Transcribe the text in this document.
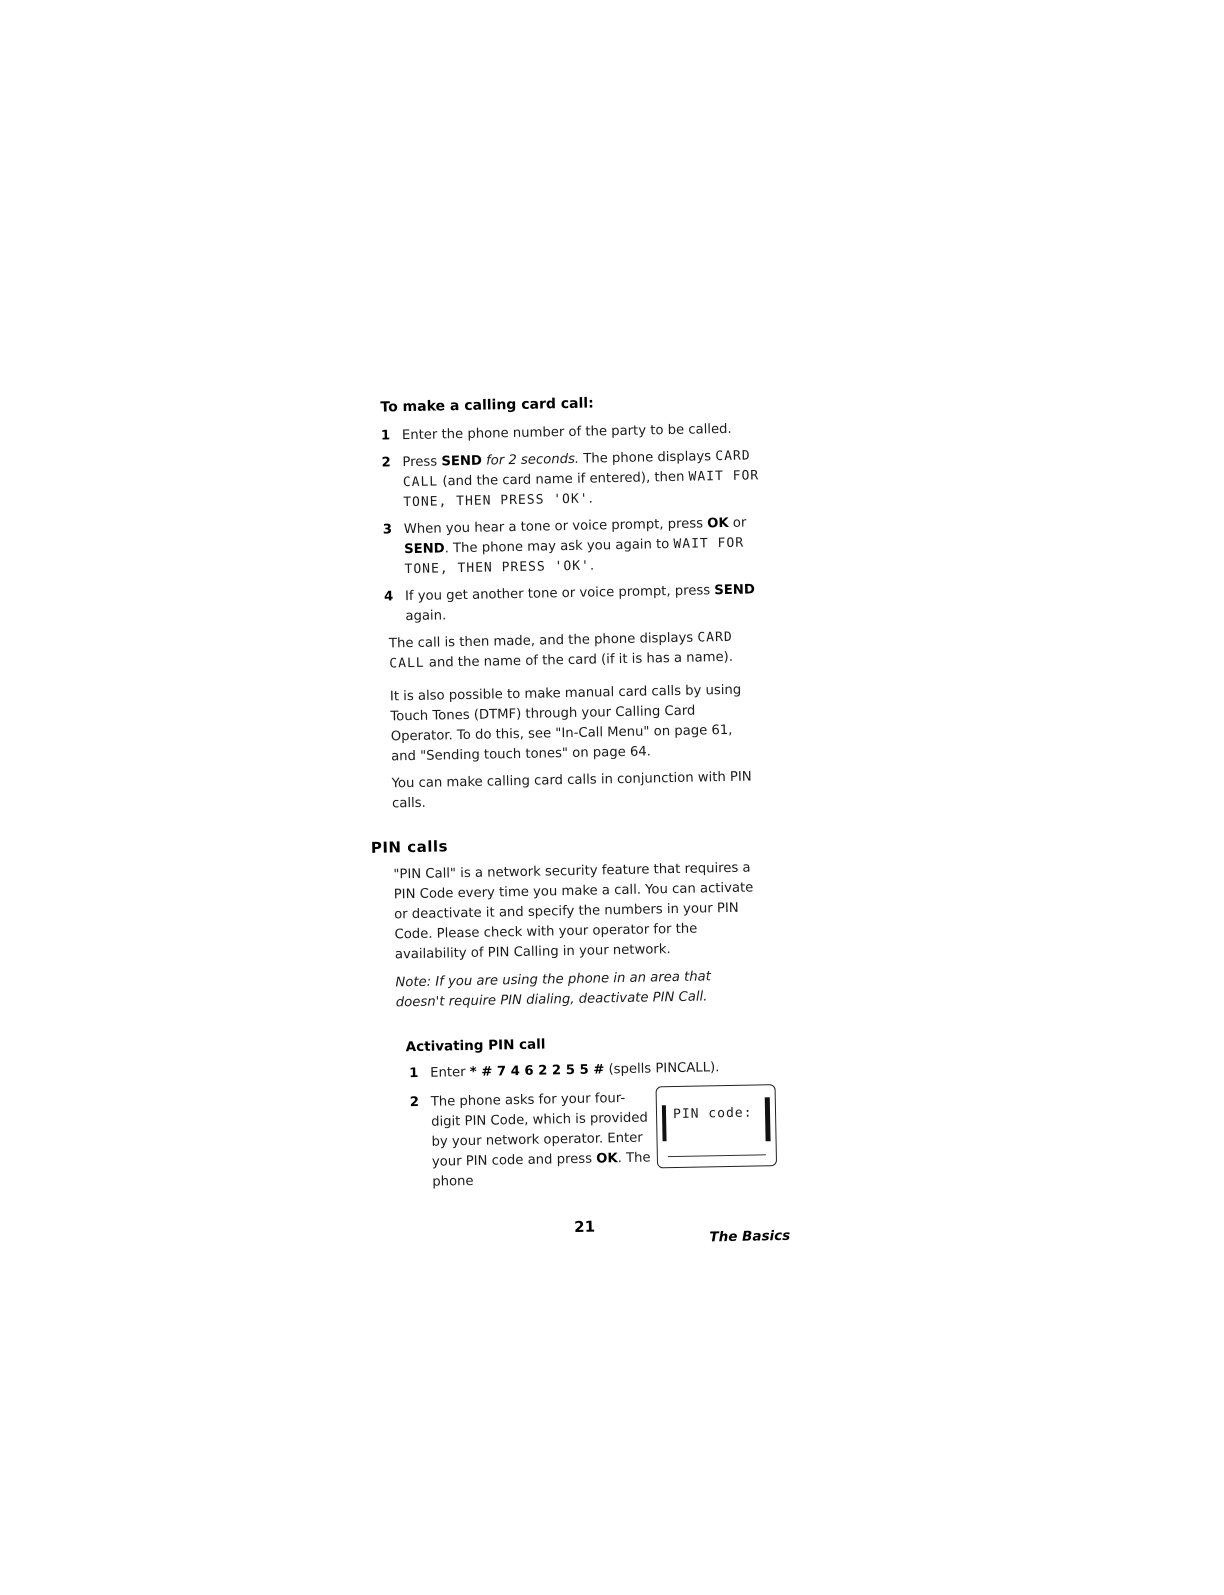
To make a calling card call:
1 Enter the phone number of the party to be called.
2 Press SEND for 2 seconds. The phone displays CARD CALL (and the card name if entered), then WAIT FOR TONE, THEN PRESS 'OK'.
3 When you hear a tone or voice prompt, press OK or SEND. The phone may ask you again to WAIT FOR TONE, THEN PRESS 'OK'.
4 If you get another tone or voice prompt, press SEND again.
The call is then made, and the phone displays CARD CALL and the name of the card (if it is has a name).
It is also possible to make manual card calls by using Touch Tones (DTMF) through your Calling Card Operator. To do this, see "In-Call Menu" on page 61, and "Sending touch tones" on page 64.
You can make calling card calls in conjunction with PIN calls.
PIN calls
"PIN Call" is a network security feature that requires a PIN Code every time you make a call. You can activate or deactivate it and specify the numbers in your PIN Code. Please check with your operator for the availability of PIN Calling in your network.
Note: If you are using the phone in an area that doesn't require PIN dialing, deactivate PIN Call.
Activating PIN call
1 Enter * # 7 4 6 2 2 5 5 # (spells PINCALL).
2 The phone asks for your four-digit PIN Code, which is provided by your network operator. Enter your PIN code and press OK. The phone
PIN code:
21
The Basics
